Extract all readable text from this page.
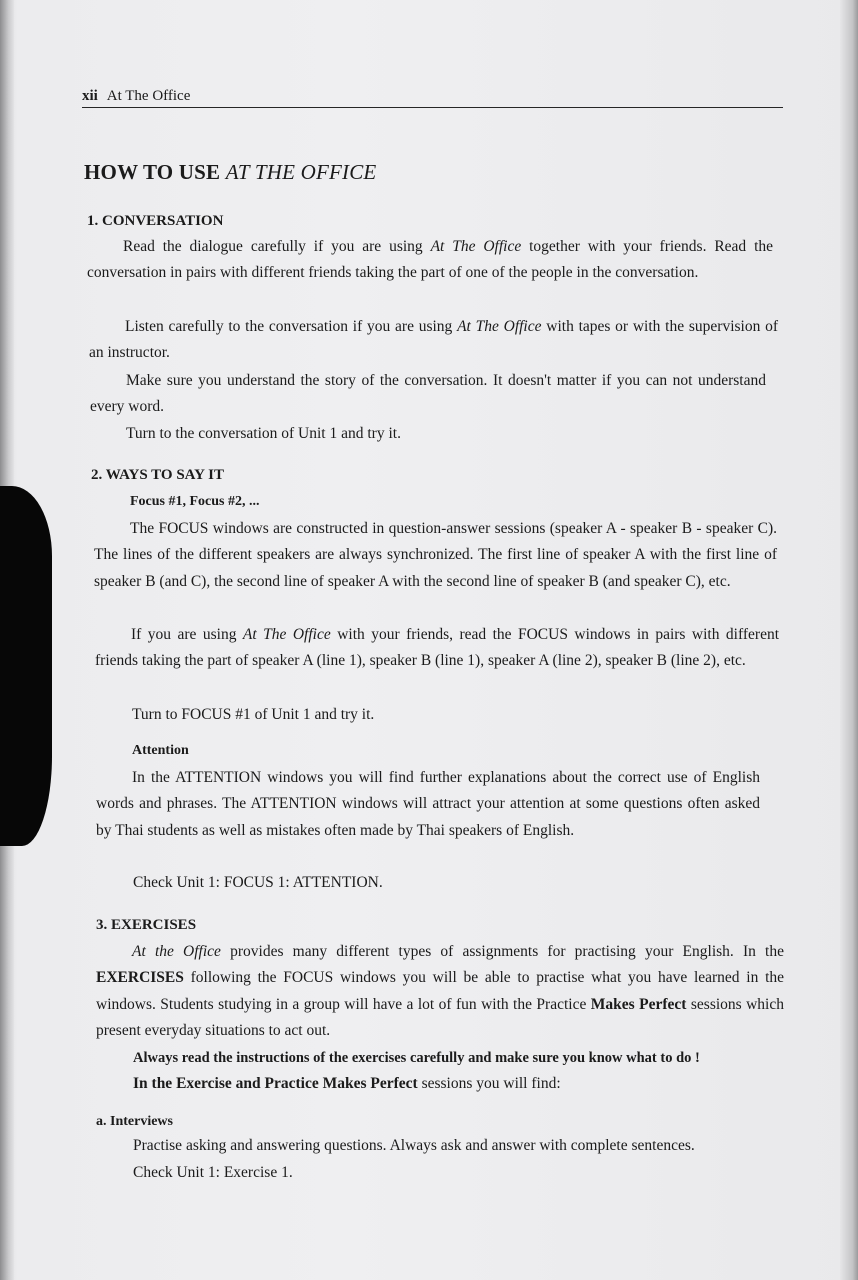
xii At The Office
HOW TO USE AT THE OFFICE

1. CONVERSATION

Read the dialogue carefully if you are using At The Office together with your friends. Read the conversation in pairs with different friends taking the part of one of the people in the conversation.

Listen carefully to the conversation if you are using At The Office with tapes or with the supervision of an instructor.

Make sure you understand the story of the conversation. It doesn't matter if you can not understand every word.

Turn to the conversation of Unit 1 and try it.

2. WAYS TO SAY IT

Focus #1, Focus #2, ...

The FOCUS windows are constructed in question-answer sessions (speaker A - speaker B - speaker C). The lines of the different speakers are always synchronized. The first line of speaker A with the first line of speaker B (and C), the second line of speaker A with the second line of speaker B (and speaker C), etc.

If you are using At The Office with your friends, read the FOCUS windows in pairs with different friends taking the part of speaker A (line 1), speaker B (line 1), speaker A (line 2), speaker B (line 2), etc.

Turn to FOCUS #1 of Unit 1 and try it.

Attention

In the ATTENTION windows you will find further explanations about the correct use of English words and phrases. The ATTENTION windows will attract your attention at some questions often asked by Thai students as well as mistakes often made by Thai speakers of English.

Check Unit 1: FOCUS 1: ATTENTION.

3. EXERCISES

At the Office provides many different types of assignments for practising your English. In the EXERCISES following the FOCUS windows you will be able to practise what you have learned in the windows. Students studying in a group will have a lot of fun with the Practice Makes Perfect sessions which present everyday situations to act out.

Always read the instructions of the exercises carefully and make sure you know what to do !

In the Exercise and Practice Makes Perfect sessions you will find:

a. Interviews

Practise asking and answering questions. Always ask and answer with complete sentences.

Check Unit 1: Exercise 1.
